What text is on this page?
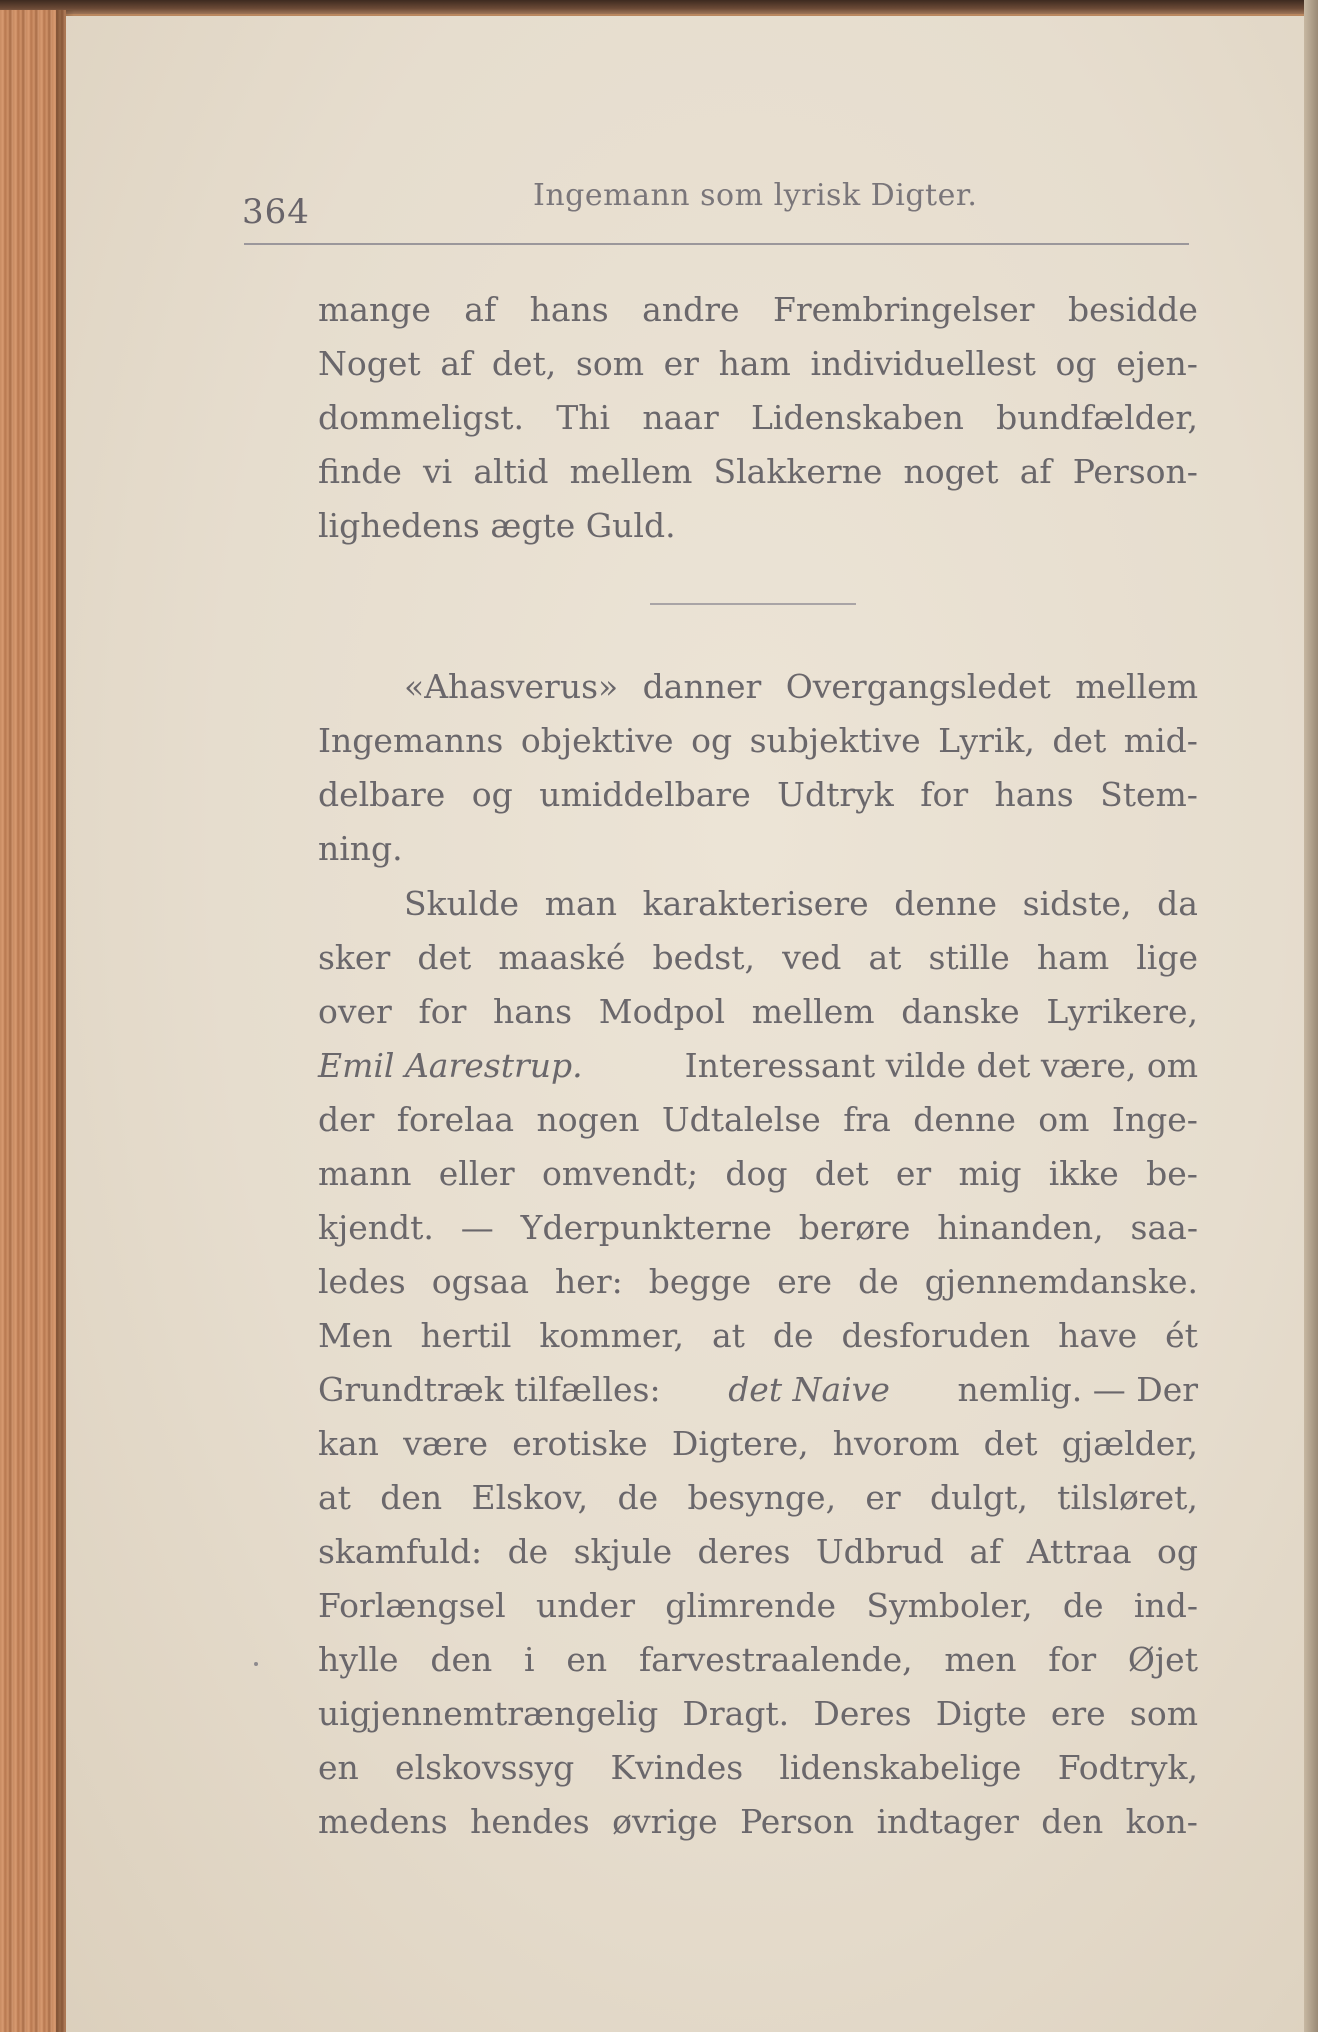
364	Ingemann som lyrisk Digter.
mange af hans andre Frembringelser besidde
Noget af det, som er ham individuellest og ejen-
dommeligst. Thi naar Lidenskaben bundfælder,
finde vi altid mellem Slakkerne noget af Person-
lighedens ægte Guld.
«Ahasverus» danner Overgangsledet mellem
Ingemanns objektive og subjektive Lyrik, det mid-
delbare og umiddelbare Udtryk for hans Stem-
ning.
Skulde man karakterisere denne sidste, da
sker det maaské bedst, ved at stille ham lige
over for hans Modpol mellem danske Lyrikere,
Emil Aarestrup.	Interessant vilde det være, om
der forelaa nogen Udtalelse fra denne om Inge-
mann eller omvendt; dog det er mig ikke be-
kjendt. — Yderpunkterne berøre hinanden, saa-
ledes ogsaa her: begge ere de gjennemdanske.
Men hertil kommer, at de desforuden have ét
Grundtræk tilfælles: det Naive nemlig. — Der
kan være erotiske Digtere, hvorom det gjælder,
at den Elskov, de besynge, er dulgt, tilsløret,
skamfuld: de skjule deres Udbrud af Attraa og
Forlængsel under glimrende Symboler, de ind-
hylle den i en farvestraalende, men for Øjet
uigjennemtrængelig Dragt. Deres Digte ere som
en elskovssyg Kvindes lidenskabelige Fodtryk,
medens hendes øvrige Person indtager den kon-
